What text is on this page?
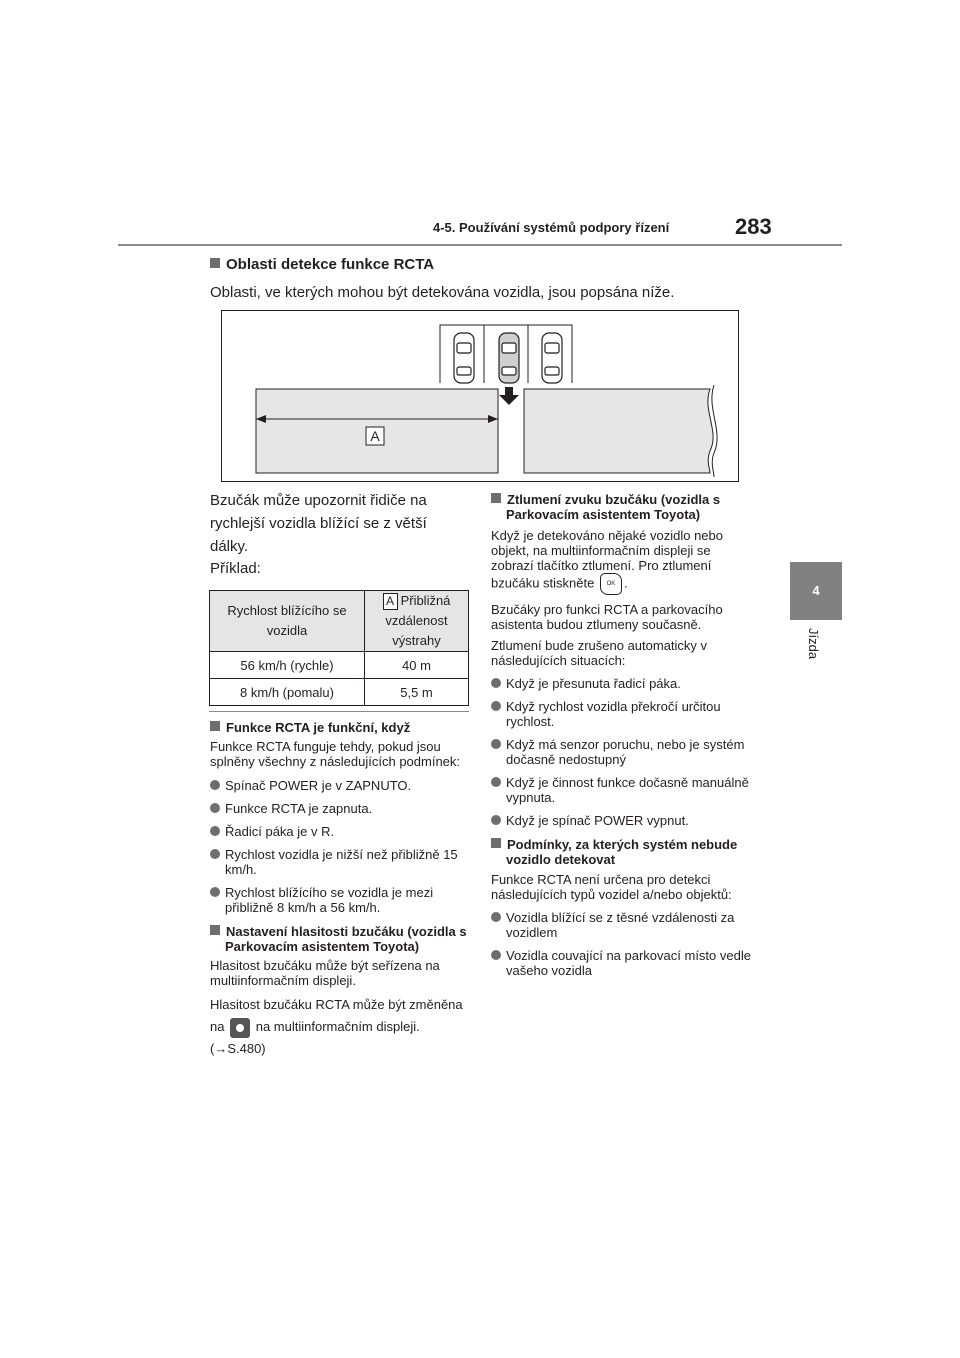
4-5. Používání systémů podpory řízení	283
4
Jízda
Oblasti detekce funkce RCTA
Oblasti, ve kterých mohou být detekována vozidla, jsou popsána níže.
A
Bzučák může upozornit řidiče na rychlejší vozidla blížící se z větší dálky.
Příklad:
Rychlost blížícího se vozidla	A Přibližná vzdálenost výstrahy
56 km/h (rychle)	40 m
8 km/h (pomalu)	5,5 m
Funkce RCTA je funkční, když
Funkce RCTA funguje tehdy, pokud jsou splněny všechny z následujících podmínek:
Spínač POWER je v ZAPNUTO.
Funkce RCTA je zapnuta.
Řadicí páka je v R.
Rychlost vozidla je nižší než přibližně 15 km/h.
Rychlost blížícího se vozidla je mezi přibližně 8 km/h a 56 km/h.
Nastavení hlasitosti bzučáku (vozidla s Parkovacím asistentem Toyota)
Hlasitost bzučáku může být seřízena na multiinformačním displeji.
Hlasitost bzučáku RCTA může být změněna na na multiinformačním displeji. (→S.480)
Ztlumení zvuku bzučáku (vozidla s Parkovacím asistentem Toyota)
Když je detekováno nějaké vozidlo nebo objekt, na multiinformačním displeji se zobrazí tlačítko ztlumení. Pro ztlumení bzučáku stiskněte OK .
Bzučáky pro funkci RCTA a parkovacího asistenta budou ztlumeny současně.
Ztlumení bude zrušeno automaticky v následujících situacích:
Když je přesunuta řadicí páka.
Když rychlost vozidla překročí určitou rychlost.
Když má senzor poruchu, nebo je systém dočasně nedostupný
Když je činnost funkce dočasně manuálně vypnuta.
Když je spínač POWER vypnut.
Podmínky, za kterých systém nebude vozidlo detekovat
Funkce RCTA není určena pro detekci následujících typů vozidel a/nebo objektů:
Vozidla blížící se z těsné vzdálenosti za vozidlem
Vozidla couvající na parkovací místo vedle vašeho vozidla
